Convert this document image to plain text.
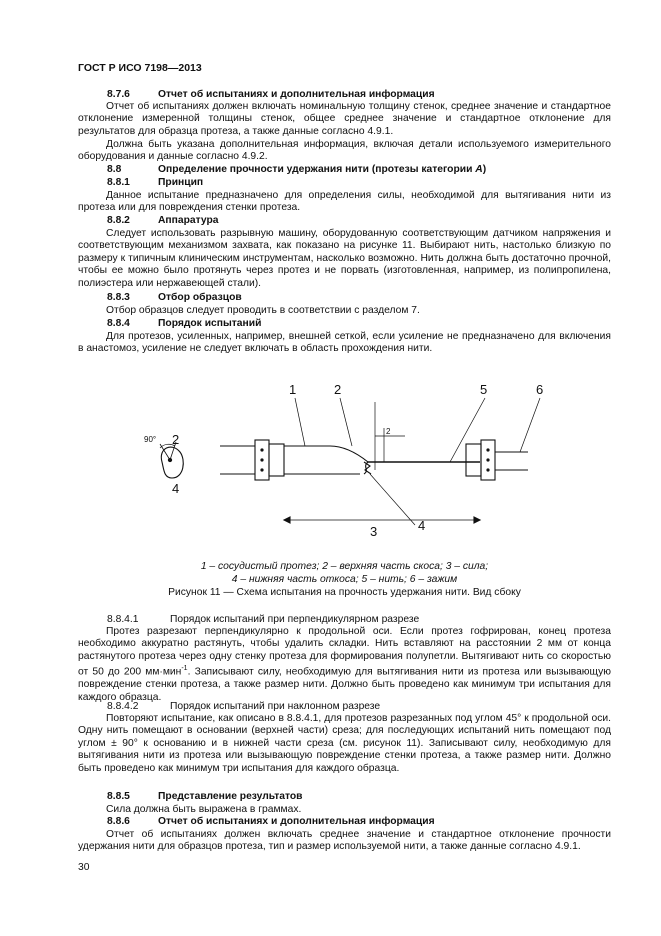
ГОСТ Р ИСО 7198—2013
8.7.6	Отчет об испытаниях и дополнительная информация
Отчет об испытаниях должен включать номинальную толщину стенок, среднее значение и стандартное отклонение измеренной толщины стенок, общее среднее значение и стандартное отклонение для результатов для образца протеза, а также данные согласно 4.9.1.
Должна быть указана дополнительная информация, включая детали используемого измерительного оборудования и данные согласно 4.9.2.
8.8	Определение прочности удержания нити (протезы категории A)
8.8.1	Принцип
Данное испытание предназначено для определения силы, необходимой для вытягивания нити из протеза или для повреждения стенки протеза.
8.8.2	Аппаратура
Следует использовать разрывную машину, оборудованную соответствующим датчиком напряжения и соответствующим механизмом захвата, как показано на рисунке 11. Выбирают нить, настолько близкую по размеру к типичным клиническим инструментам, насколько возможно. Нить должна быть достаточно прочной, чтобы ее можно было протянуть через протез и не порвать (изготовленная, например, из полипропилена, полиэстера или нержавеющей стали).
8.8.3	Отбор образцов
Отбор образцов следует проводить в соответствии с разделом 7.
8.8.4	Порядок испытаний
Для протезов, усиленных, например, внешней сеткой, если усиление не предназначено для включения в анастомоз, усиление не следует включать в область прохождения нити.
1	2	5	6
2
4
4
3
2
90°
1 – сосудистый протез; 2 – верхняя часть скоса; 3 – сила;
4 – нижняя часть откоса; 5 – нить; 6 – зажим
Рисунок 11 — Схема испытания на прочность удержания нити. Вид сбоку
8.8.4.1	Порядок испытаний при перпендикулярном разрезе
Протез разрезают перпендикулярно к продольной оси. Если протез гофрирован, конец протеза необходимо аккуратно растянуть, чтобы удалить складки. Нить вставляют на расстоянии 2 мм от конца растянутого протеза через одну стенку протеза для формирования полупетли. Вытягивают нить со скоростью от 50 до 200 мм·мин$^{-1}$. Записывают силу, необходимую для вытягивания нити из протеза или вызывающую повреждение стенки протеза, а также размер нити. Должно быть проведено как минимум три испытания для каждого образца.
8.8.4.2	Порядок испытаний при наклонном разрезе
Повторяют испытание, как описано в 8.8.4.1, для протезов разрезанных под углом 45° к продольной оси. Одну нить помещают в основании (верхней части) среза; для последующих испытаний нить помещают под углом ± 90° к основанию и в нижней части среза (см. рисунок 11). Записывают силу, необходимую для вытягивания нити из протеза или вызывающую повреждение стенки протеза, а также размер нити. Должно быть проведено как минимум три испытания для каждого образца.
8.8.5	Представление результатов
Сила должна быть выражена в граммах.
8.8.6	Отчет об испытаниях и дополнительная информация
Отчет об испытаниях должен включать среднее значение и стандартное отклонение прочности удержания нити для образцов протеза, тип и размер используемой нити, а также данные согласно 4.9.1.
30
